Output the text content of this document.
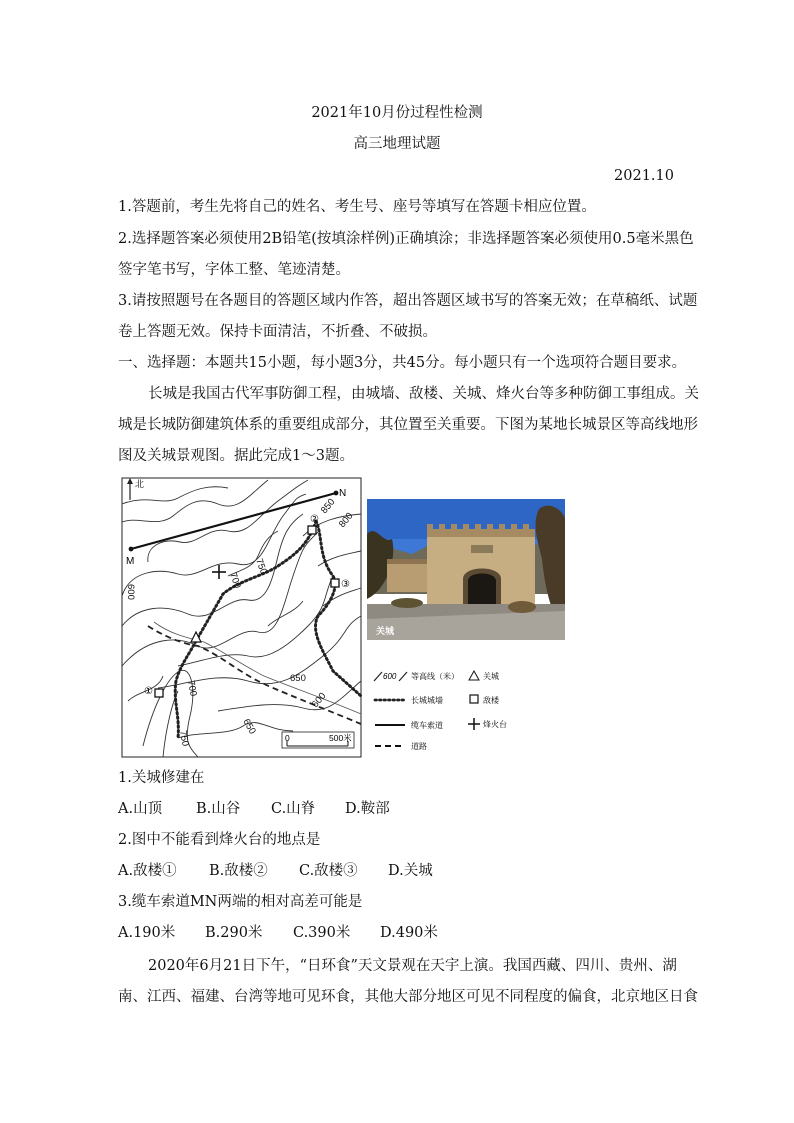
2021年10月份过程性检测
高三地理试题
2021.10
1.答题前，考生先将自己的姓名、考生号、座号等填写在答题卡相应位置。
2.选择题答案必须使用2B铅笔(按填涂样例)正确填涂；非选择题答案必须使用0.5毫米黑色
签字笔书写，字体工整、笔迹清楚。
3.请按照题号在各题目的答题区域内作答，超出答题区域书写的答案无效；在草稿纸、试题
卷上答题无效。保持卡面清洁，不折叠、不破损。
一、选择题：本题共15小题，每小题3分，共45分。每小题只有一个选项符合题目要求。
长城是我国古代军事防御工程，由城墙、敌楼、关城、烽火台等多种防御工事组成。关
城是长城防御建筑体系的重要组成部分，其位置至关重要。下图为某地长城景区等高线地形
图及关城景观图。据此完成1～3题。
北
M
N
600
700
750
850
800
650
650
600
700
750
①
②
③
0	500米
600 等高线（米）	关城
长城城墙	敌楼
缆车索道	烽火台
道路
关城
1.关城修建在
A.山顶 B.山谷 C.山脊 D.鞍部
2.图中不能看到烽火台的地点是
A.敌楼① B.敌楼② C.敌楼③ D.关城
3.缆车索道MN两端的相对高差可能是
A.190米 B.290米 C.390米 D.490米
2020年6月21日下午，“日环食”天文景观在天宇上演。我国西藏、四川、贵州、湖
南、江西、福建、台湾等地可见环食，其他大部分地区可见不同程度的偏食，北京地区日食
